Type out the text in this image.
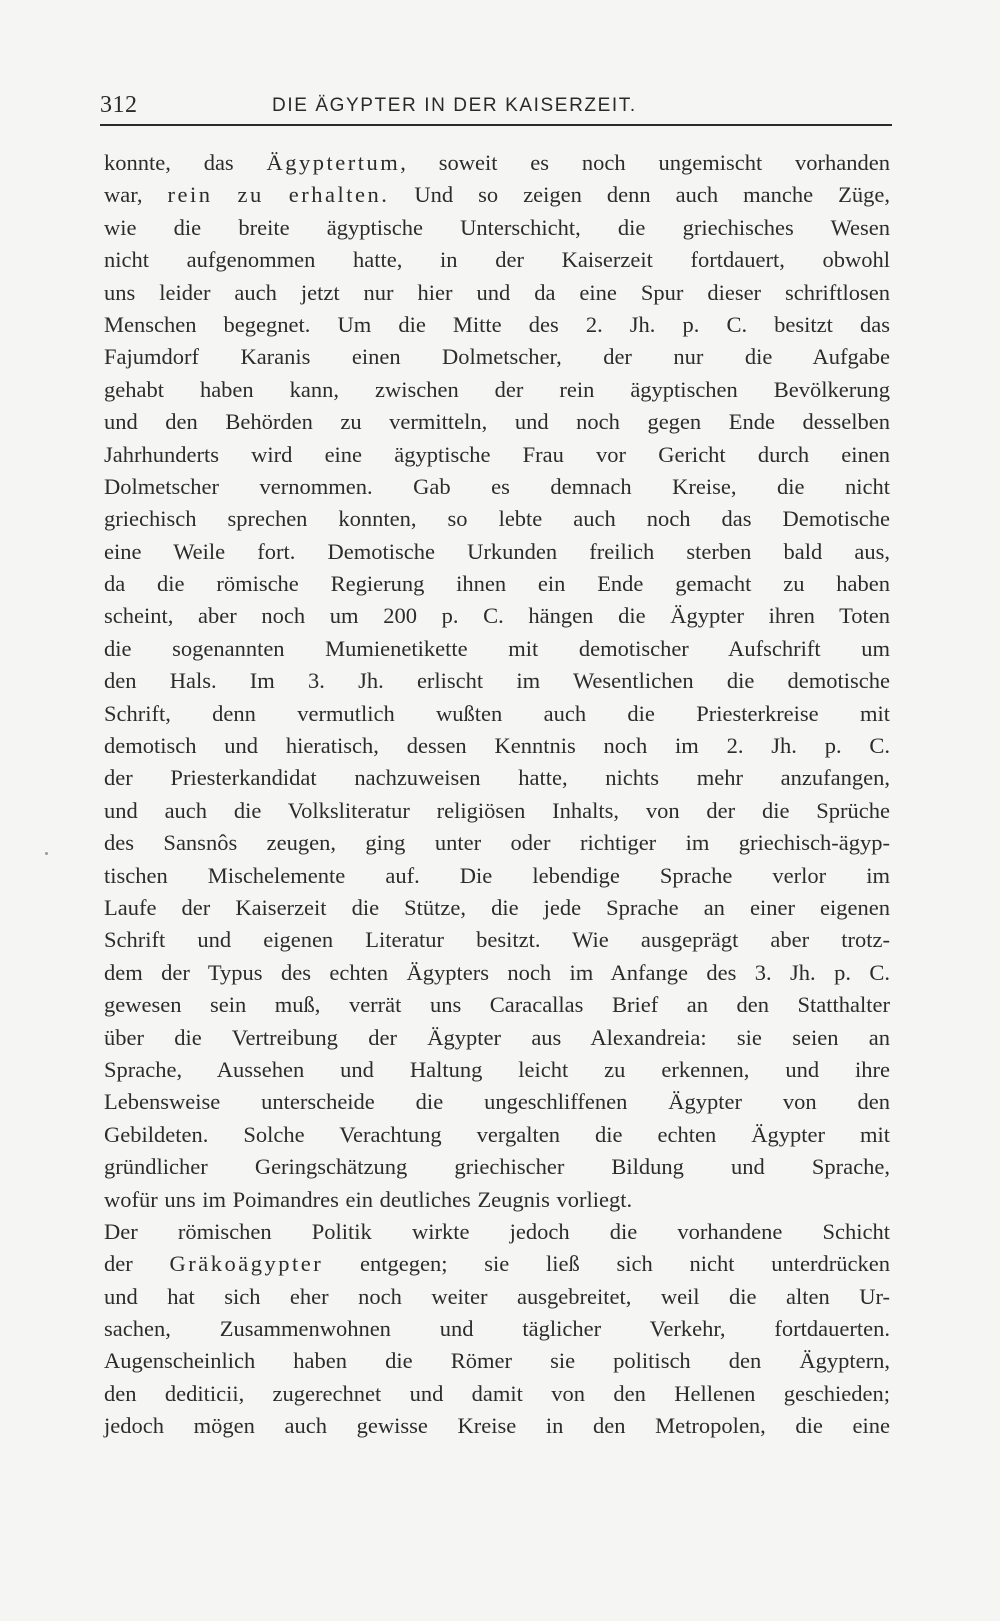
312	DIE ÄGYPTER IN DER KAISERZEIT.
konnte, das Ägyptertum, soweit es noch ungemischt vorhanden
war, rein zu erhalten. Und so zeigen denn auch manche Züge,
wie die breite ägyptische Unterschicht, die griechisches Wesen
nicht aufgenommen hatte, in der Kaiserzeit fortdauert, obwohl
uns leider auch jetzt nur hier und da eine Spur dieser schriftlosen
Menschen begegnet. Um die Mitte des 2. Jh. p. C. besitzt das
Fajumdorf Karanis einen Dolmetscher, der nur die Aufgabe
gehabt haben kann, zwischen der rein ägyptischen Bevölkerung
und den Behörden zu vermitteln, und noch gegen Ende desselben
Jahrhunderts wird eine ägyptische Frau vor Gericht durch einen
Dolmetscher vernommen. Gab es demnach Kreise, die nicht
griechisch sprechen konnten, so lebte auch noch das Demotische
eine Weile fort. Demotische Urkunden freilich sterben bald aus,
da die römische Regierung ihnen ein Ende gemacht zu haben
scheint, aber noch um 200 p. C. hängen die Ägypter ihren Toten
die sogenannten Mumienetikette mit demotischer Aufschrift um
den Hals. Im 3. Jh. erlischt im Wesentlichen die demotische
Schrift, denn vermutlich wußten auch die Priesterkreise mit
demotisch und hieratisch, dessen Kenntnis noch im 2. Jh. p. C.
der Priesterkandidat nachzuweisen hatte, nichts mehr anzufangen,
und auch die Volksliteratur religiösen Inhalts, von der die Sprüche
des Sansnôs zeugen, ging unter oder richtiger im griechisch-ägyp-
tischen Mischelemente auf. Die lebendige Sprache verlor im
Laufe der Kaiserzeit die Stütze, die jede Sprache an einer eigenen
Schrift und eigenen Literatur besitzt. Wie ausgeprägt aber trotz-
dem der Typus des echten Ägypters noch im Anfange des 3. Jh. p. C.
gewesen sein muß, verrät uns Caracallas Brief an den Statthalter
über die Vertreibung der Ägypter aus Alexandreia: sie seien an
Sprache, Aussehen und Haltung leicht zu erkennen, und ihre
Lebensweise unterscheide die ungeschliffenen Ägypter von den
Gebildeten. Solche Verachtung vergalten die echten Ägypter mit
gründlicher Geringschätzung griechischer Bildung und Sprache,
wofür uns im Poimandres ein deutliches Zeugnis vorliegt.
Der römischen Politik wirkte jedoch die vorhandene Schicht
der Gräkoägypter entgegen; sie ließ sich nicht unterdrücken
und hat sich eher noch weiter ausgebreitet, weil die alten Ur-
sachen, Zusammenwohnen und täglicher Verkehr, fortdauerten.
Augenscheinlich haben die Römer sie politisch den Ägyptern,
den dediticii, zugerechnet und damit von den Hellenen geschieden;
jedoch mögen auch gewisse Kreise in den Metropolen, die eine
